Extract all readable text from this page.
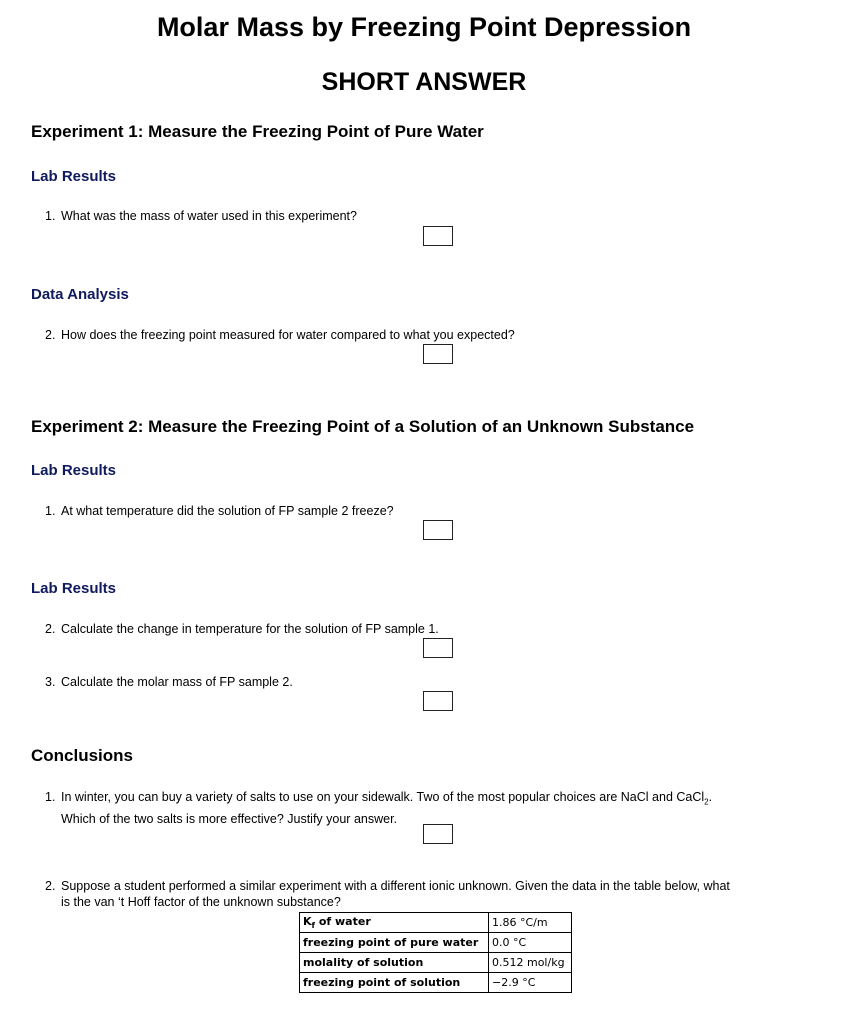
Molar Mass by Freezing Point Depression
SHORT ANSWER
Experiment 1: Measure the Freezing Point of Pure Water
Lab Results
1. What was the mass of water used in this experiment?
Data Analysis
2. How does the freezing point measured for water compared to what you expected?
Experiment 2: Measure the Freezing Point of a Solution of an Unknown Substance
Lab Results
1. At what temperature did the solution of FP sample 2 freeze?
Lab Results
2. Calculate the change in temperature for the solution of FP sample 1.
3. Calculate the molar mass of FP sample 2.
Conclusions
1. In winter, you can buy a variety of salts to use on your sidewalk. Two of the most popular choices are NaCl and CaCl$_2$.
Which of the two salts is more effective? Justify your answer.
2. Suppose a student performed a similar experiment with a different ionic unknown. Given the data in the table below, what
is the van ‘t Hoff factor of the unknown substance?
$K_f$ of water	1.86 °C/m
freezing point of pure water	0.0 °C
molality of solution	0.512 mol/kg
freezing point of solution	−2.9 °C
